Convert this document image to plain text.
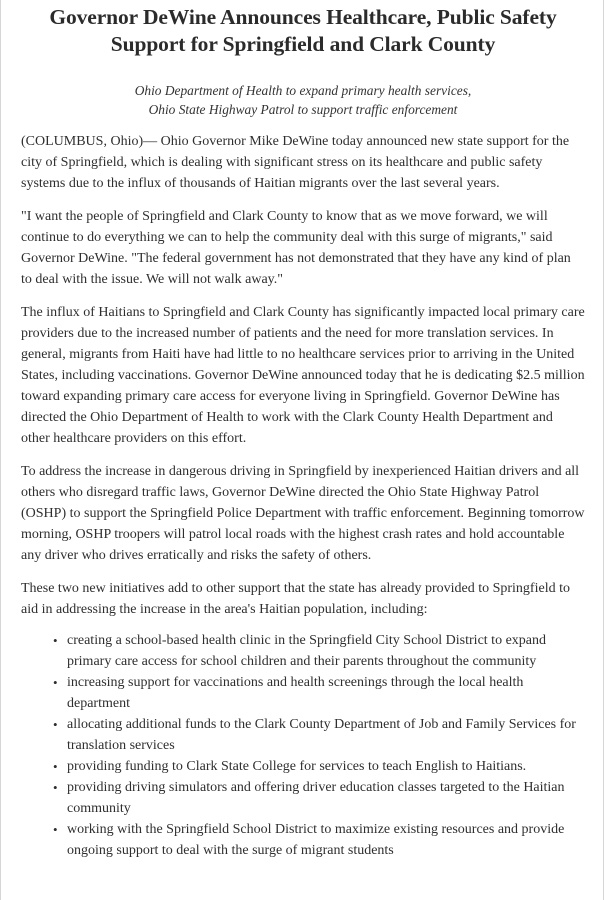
Governor DeWine Announces Healthcare, Public Safety Support for Springfield and Clark County
Ohio Department of Health to expand primary health services,
Ohio State Highway Patrol to support traffic enforcement

(COLUMBUS, Ohio)— Ohio Governor Mike DeWine today announced new state support for the city of Springfield, which is dealing with significant stress on its healthcare and public safety systems due to the influx of thousands of Haitian migrants over the last several years.

"I want the people of Springfield and Clark County to know that as we move forward, we will continue to do everything we can to help the community deal with this surge of migrants," said Governor DeWine. "The federal government has not demonstrated that they have any kind of plan to deal with the issue. We will not walk away."

The influx of Haitians to Springfield and Clark County has significantly impacted local primary care providers due to the increased number of patients and the need for more translation services. In general, migrants from Haiti have had little to no healthcare services prior to arriving in the United States, including vaccinations. Governor DeWine announced today that he is dedicating $2.5 million toward expanding primary care access for everyone living in Springfield. Governor DeWine has directed the Ohio Department of Health to work with the Clark County Health Department and other healthcare providers on this effort.

To address the increase in dangerous driving in Springfield by inexperienced Haitian drivers and all others who disregard traffic laws, Governor DeWine directed the Ohio State Highway Patrol (OSHP) to support the Springfield Police Department with traffic enforcement. Beginning tomorrow morning, OSHP troopers will patrol local roads with the highest crash rates and hold accountable any driver who drives erratically and risks the safety of others.

These two new initiatives add to other support that the state has already provided to Springfield to aid in addressing the increase in the area's Haitian population, including:

• creating a school-based health clinic in the Springfield City School District to expand primary care access for school children and their parents throughout the community
• increasing support for vaccinations and health screenings through the local health department
• allocating additional funds to the Clark County Department of Job and Family Services for translation services
• providing funding to Clark State College for services to teach English to Haitians.
• providing driving simulators and offering driver education classes targeted to the Haitian community
• working with the Springfield School District to maximize existing resources and provide ongoing support to deal with the surge of migrant students
